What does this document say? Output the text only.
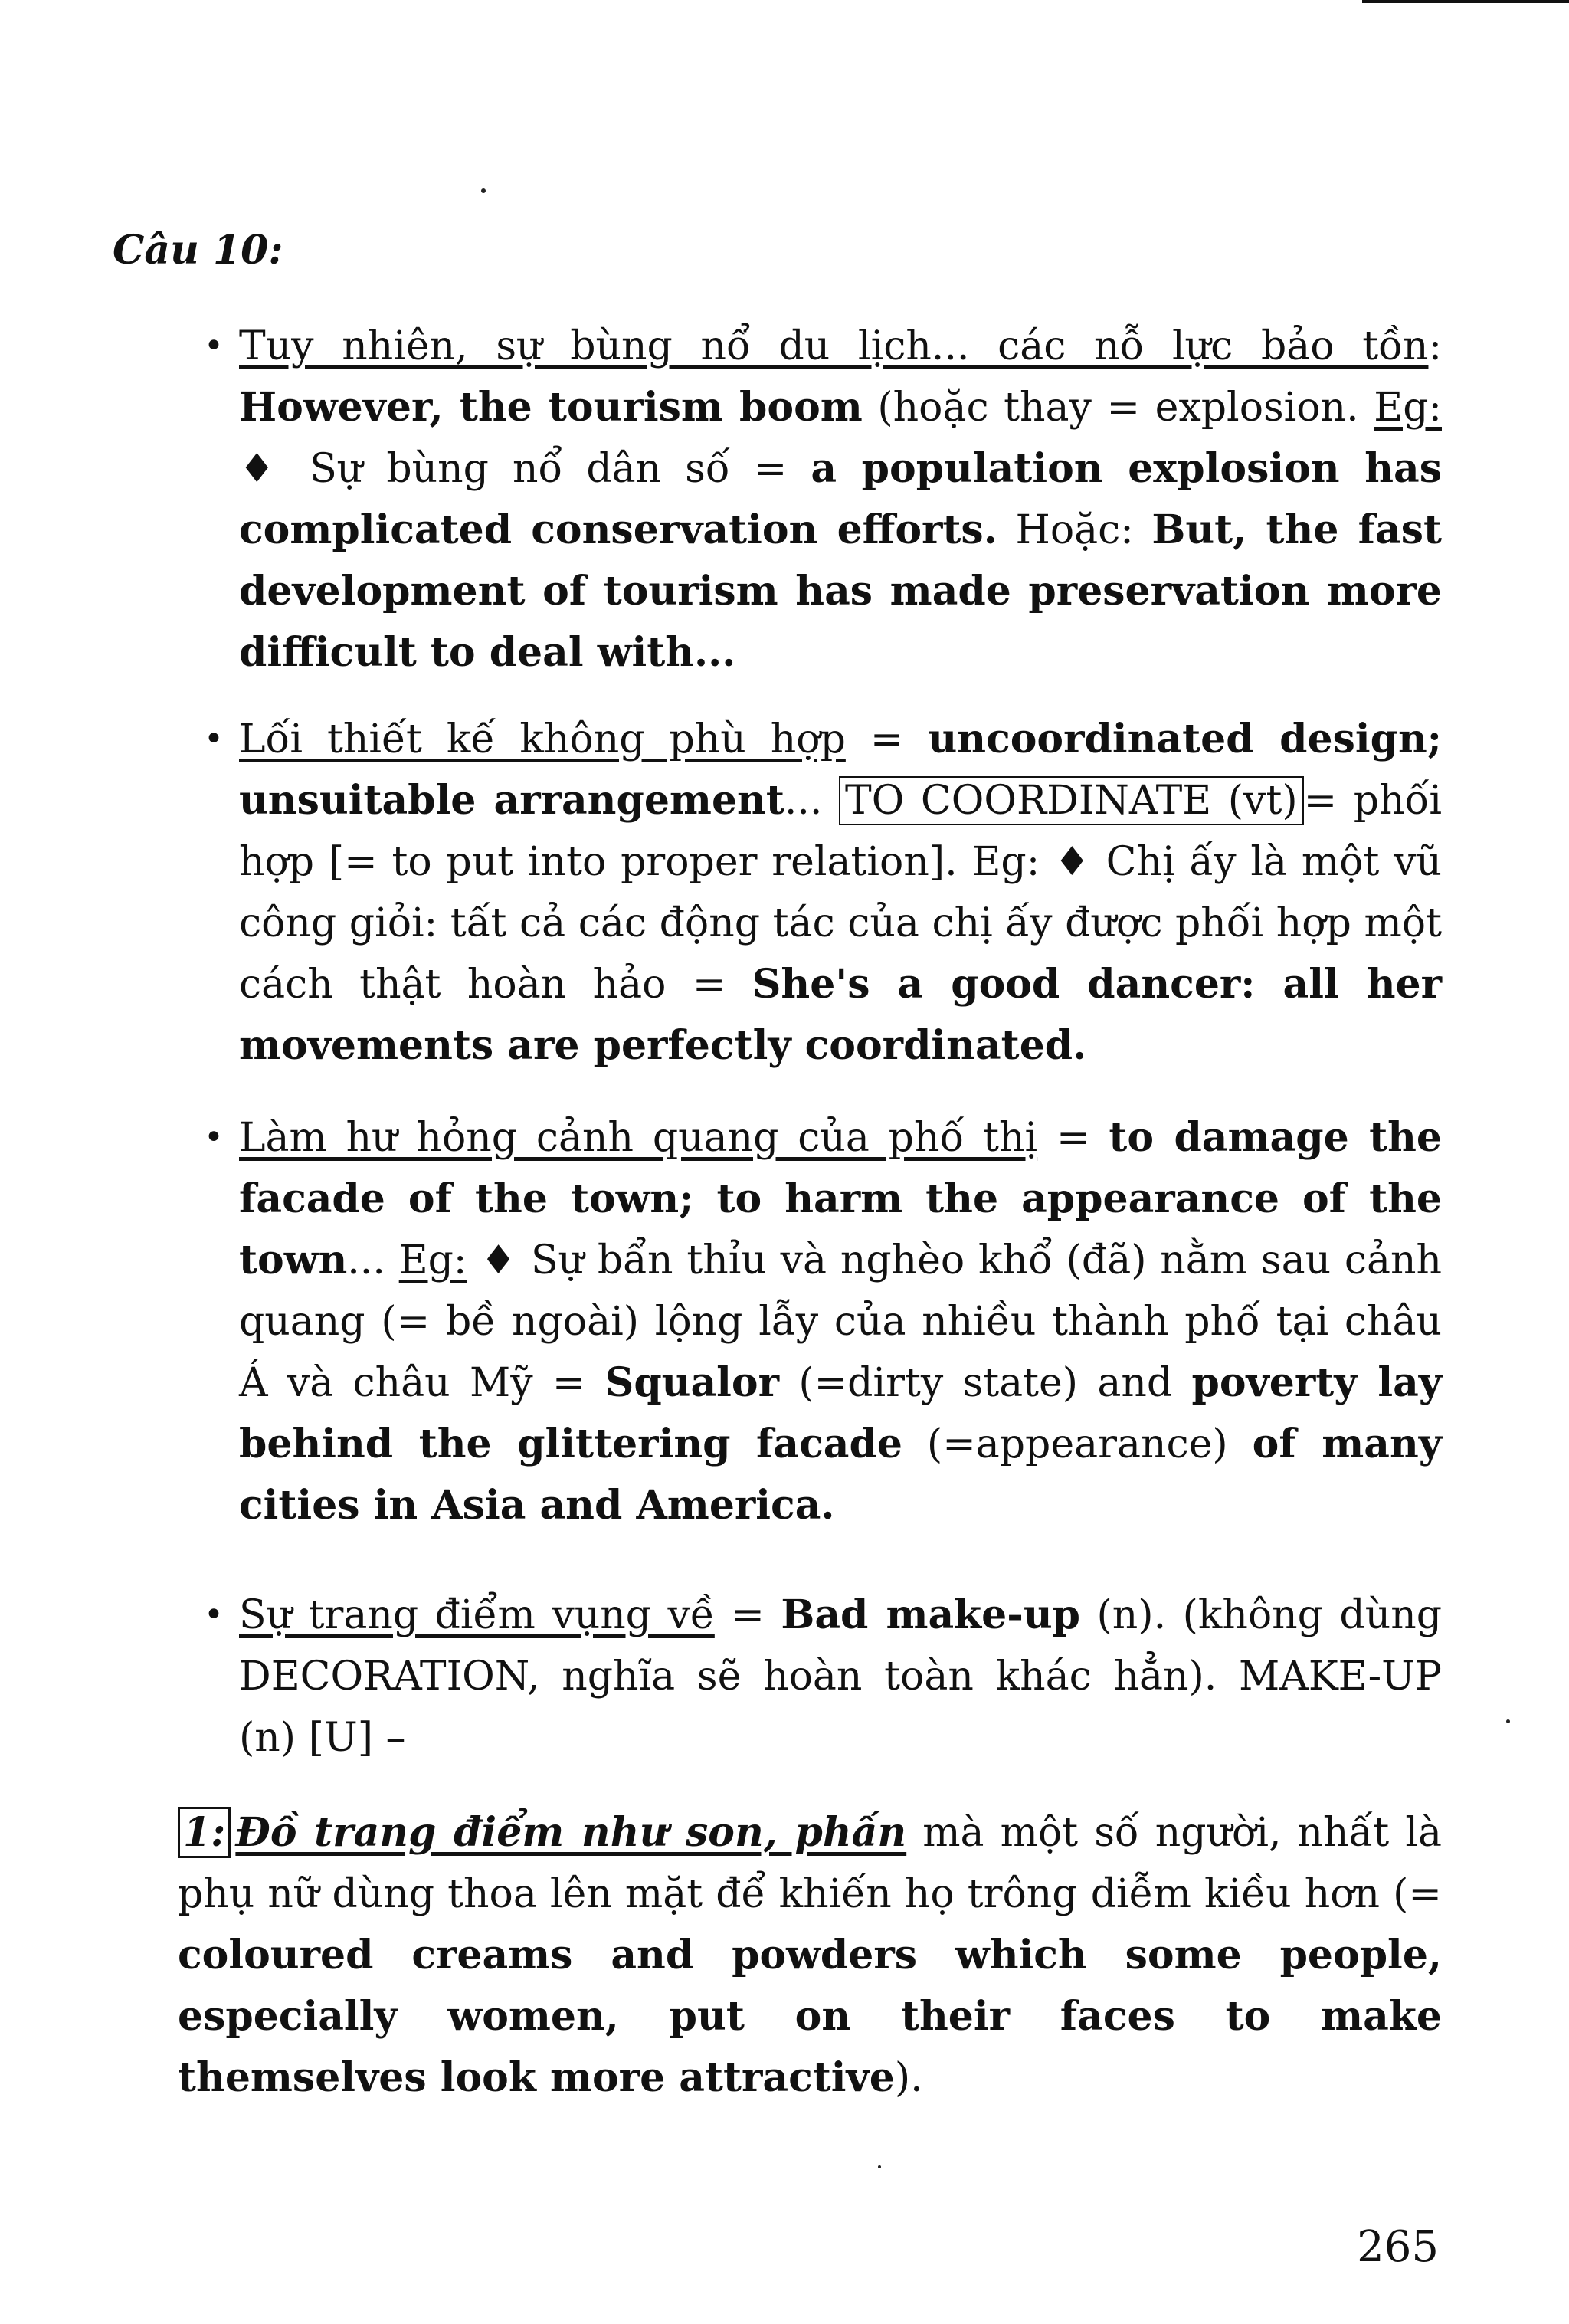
Câu 10:
• Tuy nhiên, sự bùng nổ du lịch... các nỗ lực bảo tồn: However, the tourism boom (hoặc thay = explosion. Eg: ♦ Sự bùng nổ dân số = a population explosion has complicated conservation efforts. Hoặc: But, the fast development of tourism has made preservation more difficult to deal with...

• Lối thiết kế không phù hợp = uncoordinated design; unsuitable arrangement... TO COORDINATE (vt) = phối hợp [= to put into proper relation]. Eg: ♦ Chị ấy là một vũ công giỏi: tất cả các động tác của chị ấy được phối hợp một cách thật hoàn hảo = She's a good dancer: all her movements are perfectly coordinated.

• Làm hư hỏng cảnh quang của phố thị = to damage the facade of the town; to harm the appearance of the town... Eg: ♦ Sự bẩn thỉu và nghèo khổ (đã) nằm sau cảnh quang (= bề ngoài) lộng lẫy của nhiều thành phố tại châu Á và châu Mỹ = Squalor (=dirty state) and poverty lay behind the glittering facade (=appearance) of many cities in Asia and America.

• Sự trang điểm vụng về = Bad make-up (n). (không dùng DECORATION, nghĩa sẽ hoàn toàn khác hẳn). MAKE-UP (n) [U] –

1: Đồ trang điểm như son, phấn mà một số người, nhất là phụ nữ dùng thoa lên mặt để khiến họ trông diễm kiều hơn (= coloured creams and powders which some people, especially women, put on their faces to make themselves look more attractive).

265
